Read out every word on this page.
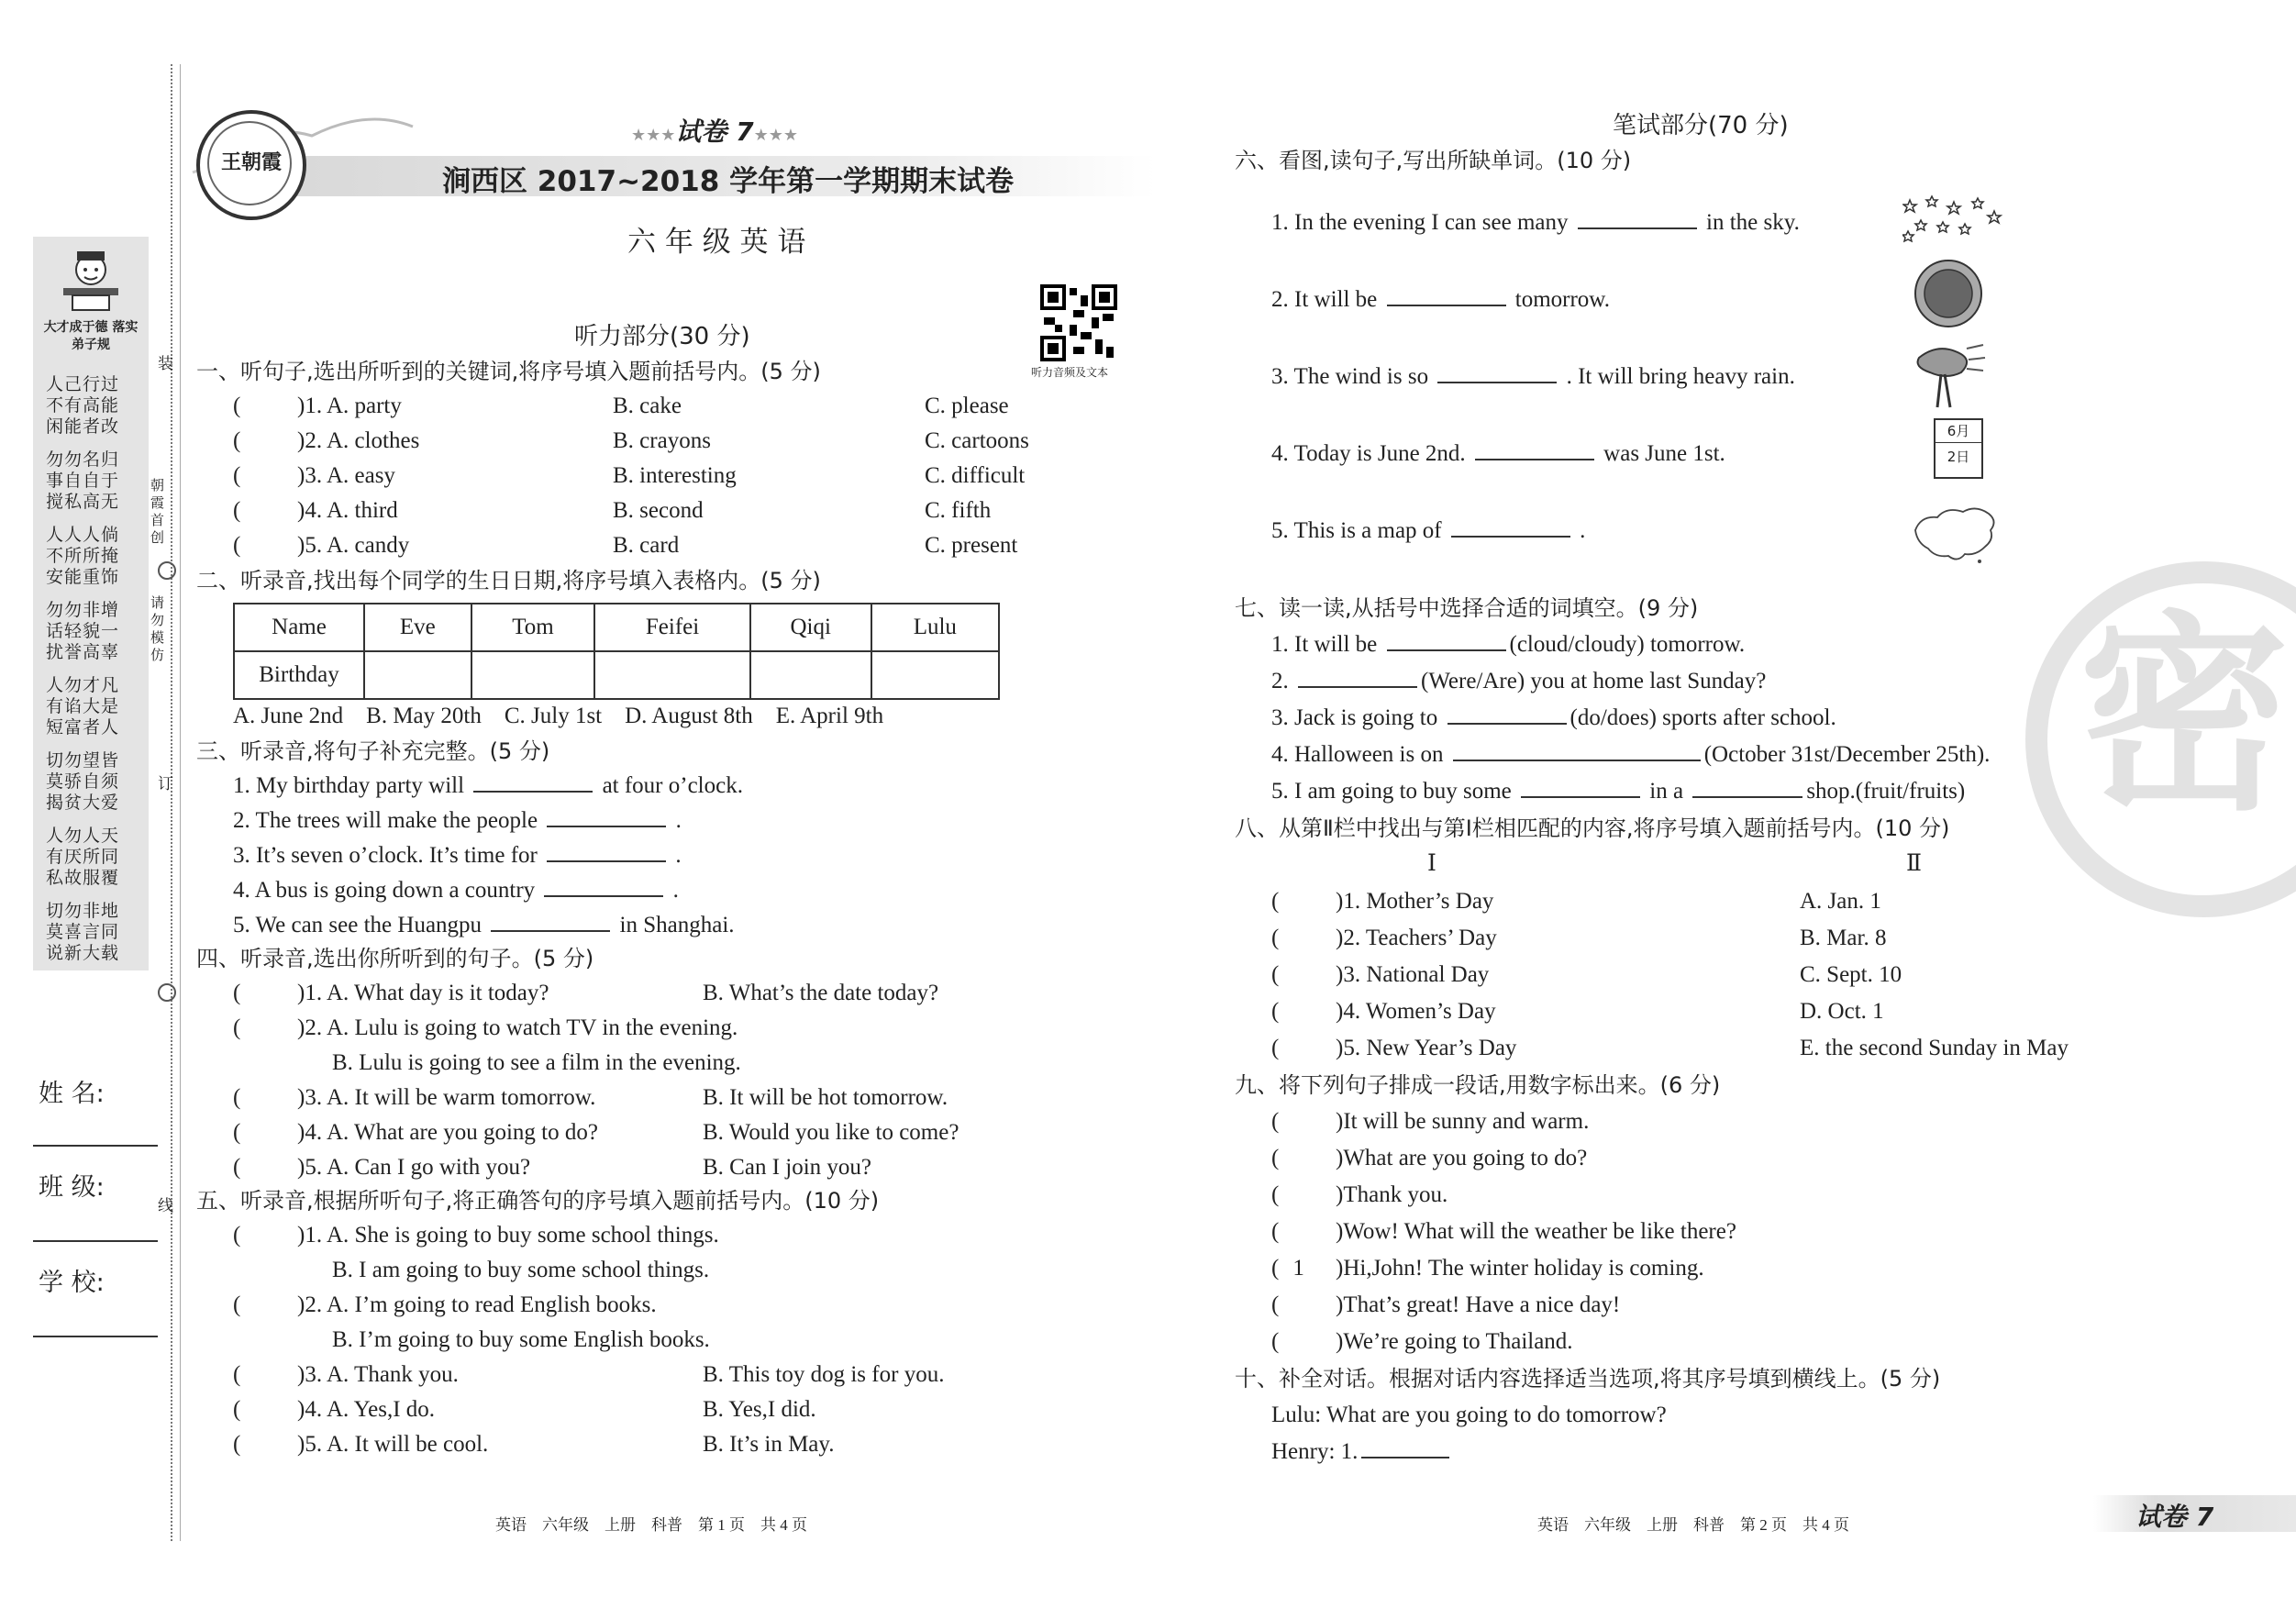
大才成于德 落实弟子规
人己行过
不有高能
闲能者改
勿勿名归
事自自于
搅私高无
人人人倘
不所所掩
安能重饰
勿勿非增
话轻貌一
扰誉高辜
人勿才凡
有谄大是
短富者人
切勿望皆
莫骄自须
揭贫大爱
人勿人天
有厌所同
私故服覆
切勿非地
莫喜言同
说新大载
装
订
线
朝霞首创
请勿模仿
姓 名:
班 级:
学 校:
王朝霞
★★★试卷 7★★★
涧西区 2017~2018 学年第一学期期末试卷
六 年 级 英 语
听力音频及文本
听力部分(30 分)
一、听句子,选出所听到的关键词,将序号填入题前括号内。(5 分)
( )1. A. party	B. cake	C. please
( )2. A. clothes	B. crayons	C. cartoons
( )3. A. easy	B. interesting	C. difficult
( )4. A. third	B. second	C. fifth
( )5. A. candy	B. card	C. present
二、听录音,找出每个同学的生日日期,将序号填入表格内。(5 分)
Name	Eve	Tom	Feifei	Qiqi	Lulu
Birthday					
A. June 2nd B. May 20th C. July 1st D. August 8th E. April 9th
三、听录音,将句子补充完整。(5 分)
1. My birthday party will	at four o’clock.
2. The trees will make the people	.
3. It’s seven o’clock. It’s time for	.
4. A bus is going down a country	.
5. We can see the Huangpu	in Shanghai.
四、听录音,选出你所听到的句子。(5 分)
( )1. A. What day is it today?	B. What’s the date today?
( )2. A. Lulu is going to watch TV in the evening.
B. Lulu is going to see a film in the evening.
( )3. A. It will be warm tomorrow.	B. It will be hot tomorrow.
( )4. A. What are you going to do?	B. Would you like to come?
( )5. A. Can I go with you?	B. Can I join you?
五、听录音,根据所听句子,将正确答句的序号填入题前括号内。(10 分)
( )1. A. She is going to buy some school things.
B. I am going to buy some school things.
( )2. A. I’m going to read English books.
B. I’m going to buy some English books.
( )3. A. Thank you.	B. This toy dog is for you.
( )4. A. Yes,I do.	B. Yes,I did.
( )5. A. It will be cool.	B. It’s in May.
英语　六年级　上册　科普　第 1 页　共 4 页
笔试部分(70 分)
六、看图,读句子,写出所缺单词。(10 分)
1. In the evening I can see many	in the sky.
2. It will be	tomorrow.
3. The wind is so	. It will bring heavy rain.
4. Today is June 2nd.	was June 1st.
5. This is a map of	.
6月
2日
七、读一读,从括号中选择合适的词填空。(9 分)
1. It will be	(cloud/cloudy) tomorrow.
2.	(Were/Are) you at home last Sunday?
3. Jack is going to	(do/does) sports after school.
4. Halloween is on	(October 31st/December 25th).
5. I am going to buy some	in a	shop.(fruit/fruits)
八、从第Ⅱ栏中找出与第Ⅰ栏相匹配的内容,将序号填入题前括号内。(10 分)
Ⅰ	Ⅱ
( )1. Mother’s Day	A. Jan. 1
( )2. Teachers’ Day	B. Mar. 8
( )3. National Day	C. Sept. 10
( )4. Women’s Day	D. Oct. 1
( )5. New Year’s Day	E. the second Sunday in May
九、将下列句子排成一段话,用数字标出来。(6 分)
( )It will be sunny and warm.
( )What are you going to do?
( )Thank you.
( )Wow! What will the weather be like there?
( 1 )Hi,John! The winter holiday is coming.
( )That’s great! Have a nice day!
( )We’re going to Thailand.
十、补全对话。根据对话内容选择适当选项,将其序号填到横线上。(5 分)
Lulu: What are you going to do tomorrow?
Henry: 1.
英语　六年级　上册　科普　第 2 页　共 4 页	试卷 7
密
